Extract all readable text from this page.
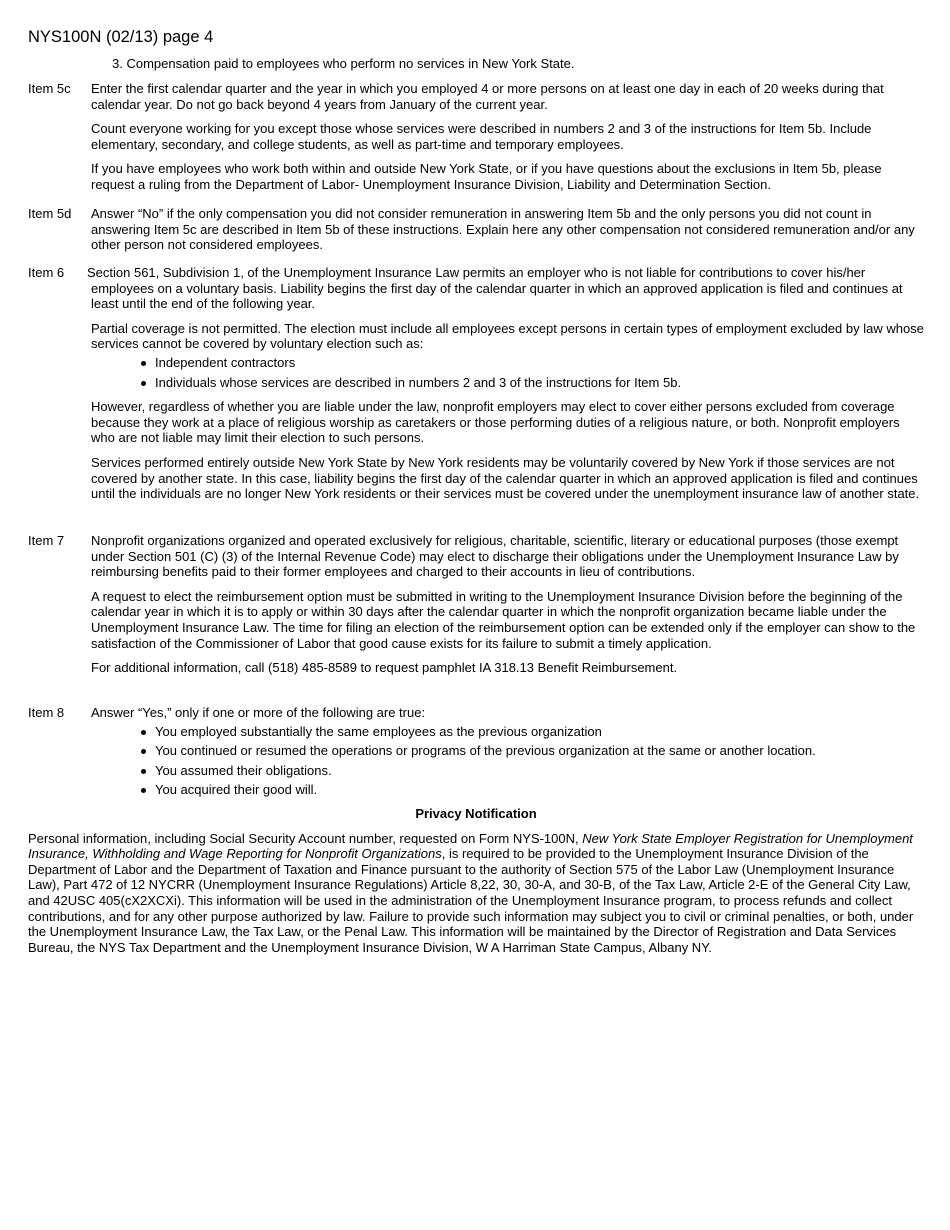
NYS100N (02/13) page 4

3. Compensation paid to employees who perform no services in New York State.

Item 5c Enter the first calendar quarter and the year in which you employed 4 or more persons on at least one day in each of 20 weeks during that calendar year. Do not go back beyond 4 years from January of the current year.

Count everyone working for you except those whose services were described in numbers 2 and 3 of the instructions for Item 5b. Include elementary, secondary, and college students, as well as part-time and temporary employees.

If you have employees who work both within and outside New York State, or if you have questions about the exclusions in Item 5b, please request a ruling from the Department of Labor- Unemployment Insurance Division, Liability and Determination Section.

Item 5d Answer “No” if the only compensation you did not consider remuneration in answering Item 5b and the only persons you did not count in answering Item 5c are described in Item 5b of these instructions. Explain here any other compensation not considered remuneration and/or any other person not considered employees.

Item 6 Section 561, Subdivision 1, of the Unemployment Insurance Law permits an employer who is not liable for contributions to cover his/her employees on a voluntary basis. Liability begins the first day of the calendar quarter in which an approved application is filed and continues at least until the end of the following year.

Partial coverage is not permitted. The election must include all employees except persons in certain types of employment excluded by law whose services cannot be covered by voluntary election such as:

Independent contractors
Individuals whose services are described in numbers 2 and 3 of the instructions for Item 5b.

However, regardless of whether you are liable under the law, nonprofit employers may elect to cover either persons excluded from coverage because they work at a place of religious worship as caretakers or those performing duties of a religious nature, or both. Nonprofit employers who are not liable may limit their election to such persons.

Services performed entirely outside New York State by New York residents may be voluntarily covered by New York if those services are not covered by another state. In this case, liability begins the first day of the calendar quarter in which an approved application is filed and continues until the individuals are no longer New York residents or their services must be covered under the unemployment insurance law of another state.

Item 7 Nonprofit organizations organized and operated exclusively for religious, charitable, scientific, literary or educational purposes (those exempt under Section 501 (C) (3) of the Internal Revenue Code) may elect to discharge their obligations under the Unemployment Insurance Law by reimbursing benefits paid to their former employees and charged to their accounts in lieu of contributions.

A request to elect the reimbursement option must be submitted in writing to the Unemployment Insurance Division before the beginning of the calendar year in which it is to apply or within 30 days after the calendar quarter in which the nonprofit organization became liable under the Unemployment Insurance Law. The time for filing an election of the reimbursement option can be extended only if the employer can show to the satisfaction of the Commissioner of Labor that good cause exists for its failure to submit a timely application.

For additional information, call (518) 485-8589 to request pamphlet IA 318.13 Benefit Reimbursement.

Item 8 Answer “Yes,” only if one or more of the following are true:

You employed substantially the same employees as the previous organization
You continued or resumed the operations or programs of the previous organization at the same or another location.
You assumed their obligations.
You acquired their good will.

Privacy Notification

Personal information, including Social Security Account number, requested on Form NYS-100N, New York State Employer Registration for Unemployment Insurance, Withholding and Wage Reporting for Nonprofit Organizations, is required to be provided to the Unemployment Insurance Division of the Department of Labor and the Department of Taxation and Finance pursuant to the authority of Section 575 of the Labor Law (Unemployment Insurance Law), Part 472 of 12 NYCRR (Unemployment Insurance Regulations) Article 8,22, 30, 30-A, and 30-B, of the Tax Law, Article 2-E of the General City Law, and 42USC 405(cX2XCXi). This information will be used in the administration of the Unemployment Insurance program, to process refunds and collect contributions, and for any other purpose authorized by law. Failure to provide such information may subject you to civil or criminal penalties, or both, under the Unemployment Insurance Law, the Tax Law, or the Penal Law. This information will be maintained by the Director of Registration and Data Services Bureau, the NYS Tax Department and the Unemployment Insurance Division, W A Harriman State Campus, Albany NY.
